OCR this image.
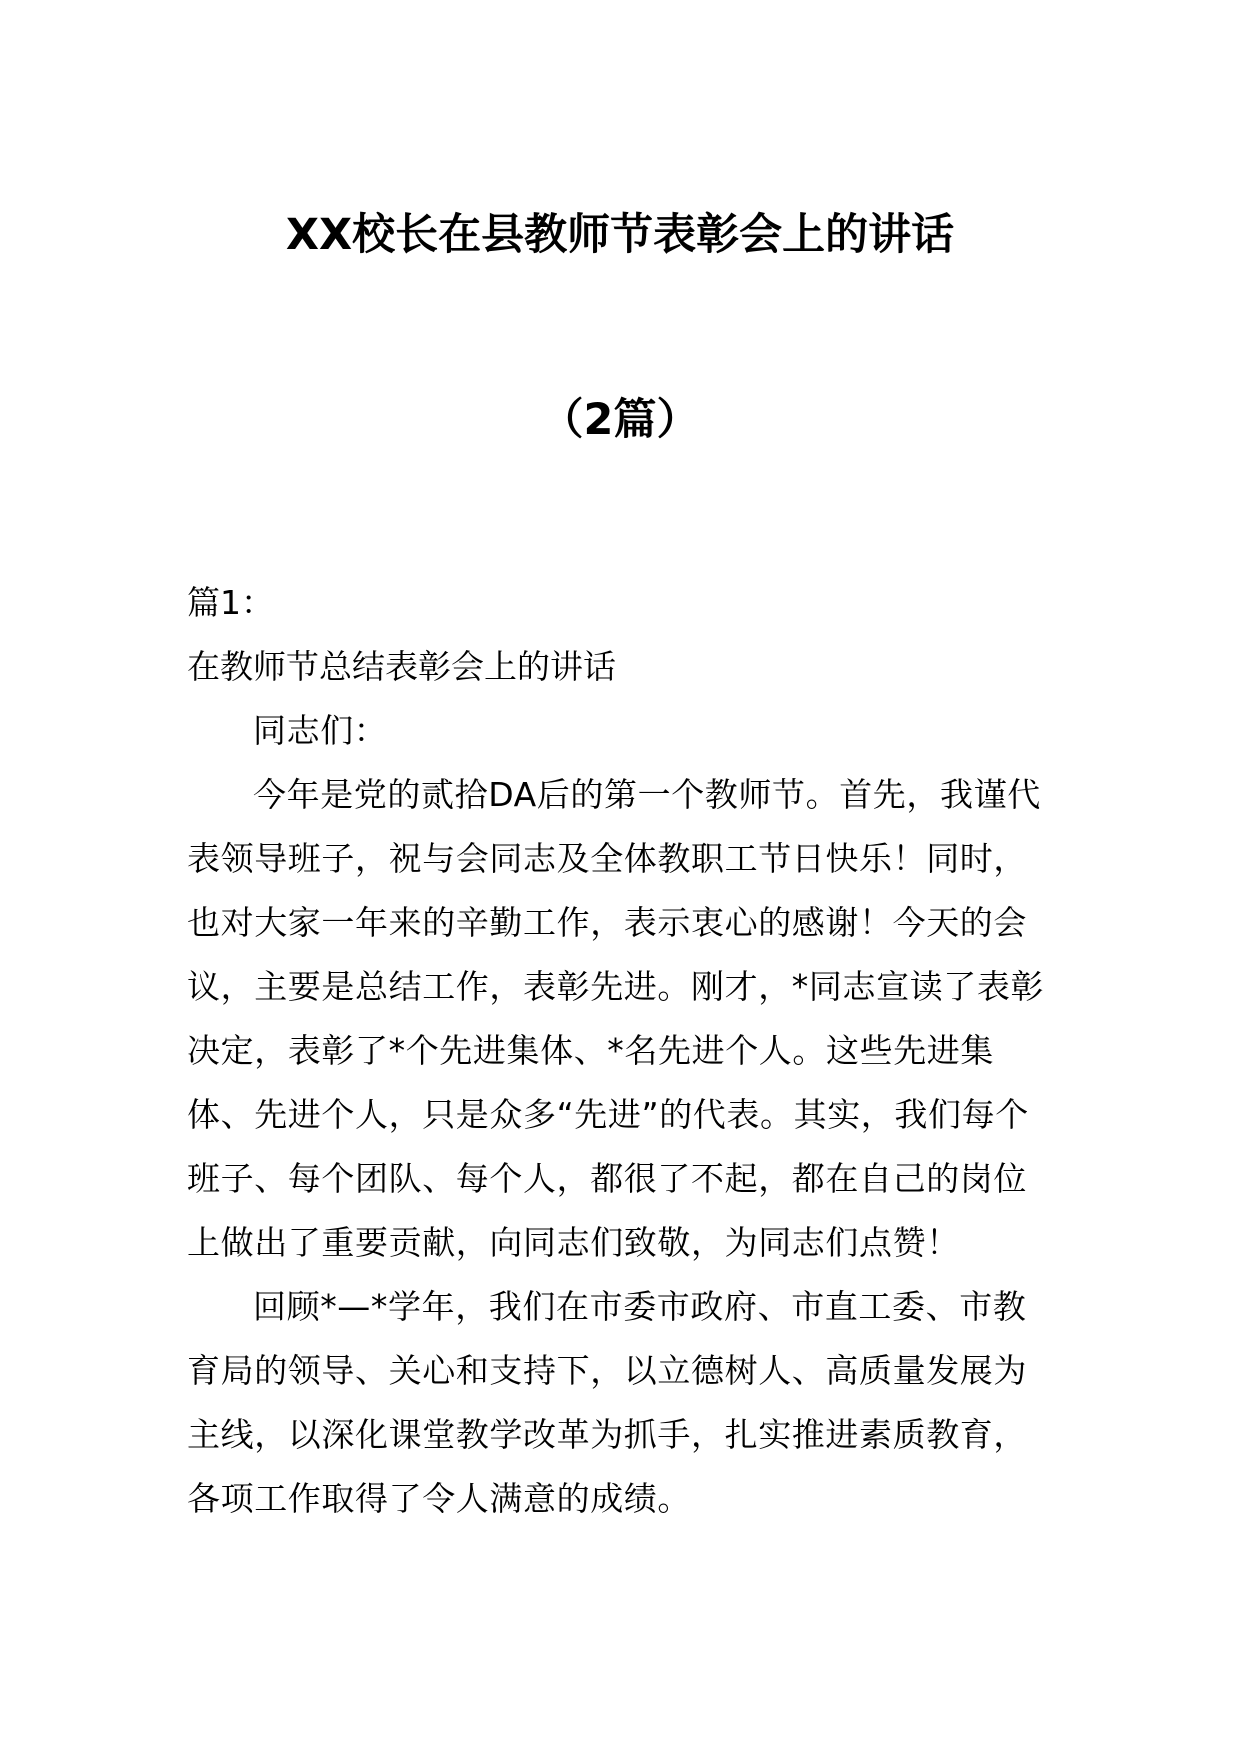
XX校长在县教师节表彰会上的讲话
（2篇）

篇1：

在教师节总结表彰会上的讲话

同志们：

今年是党的贰拾DA后的第一个教师节。首先，我谨代表领导班子，祝与会同志及全体教职工节日快乐！同时，也对大家一年来的辛勤工作，表示衷心的感谢！今天的会议，主要是总结工作，表彰先进。刚才，*同志宣读了表彰决定，表彰了*个先进集体、*名先进个人。这些先进集体、先进个人，只是众多“先进”的代表。其实，我们每个班子、每个团队、每个人，都很了不起，都在自己的岗位上做出了重要贡献，向同志们致敬，为同志们点赞！

回顾*—*学年，我们在市委市政府、市直工委、市教育局的领导、关心和支持下，以立德树人、高质量发展为主线，以深化课堂教学改革为抓手，扎实推进素质教育，各项工作取得了令人满意的成绩。
